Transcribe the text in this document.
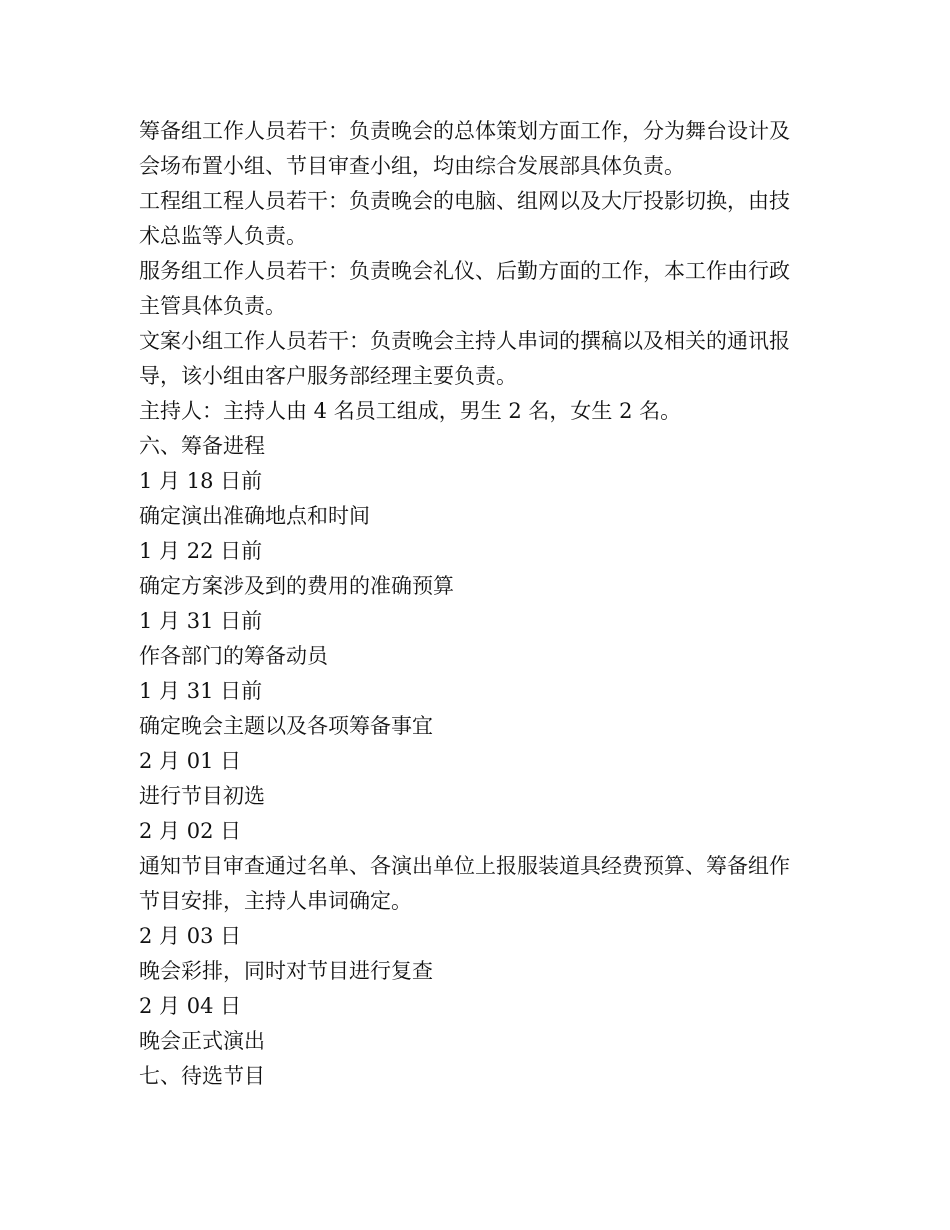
筹备组工作人员若干：负责晚会的总体策划方面工作，分为舞台设计及
会场布置小组、节目审查小组，均由综合发展部具体负责。
工程组工程人员若干：负责晚会的电脑、组网以及大厅投影切换，由技
术总监等人负责。
服务组工作人员若干：负责晚会礼仪、后勤方面的工作，本工作由行政
主管具体负责。
文案小组工作人员若干：负责晚会主持人串词的撰稿以及相关的通讯报
导，该小组由客户服务部经理主要负责。
主持人：主持人由 4 名员工组成，男生 2 名，女生 2 名。
六、筹备进程
1 月 18 日前
确定演出准确地点和时间
1 月 22 日前
确定方案涉及到的费用的准确预算
1 月 31 日前
作各部门的筹备动员
1 月 31 日前
确定晚会主题以及各项筹备事宜
2 月 01 日
进行节目初选
2 月 02 日
通知节目审查通过名单、各演出单位上报服装道具经费预算、筹备组作
节目安排，主持人串词确定。
2 月 03 日
晚会彩排，同时对节目进行复查
2 月 04 日
晚会正式演出
七、待选节目
